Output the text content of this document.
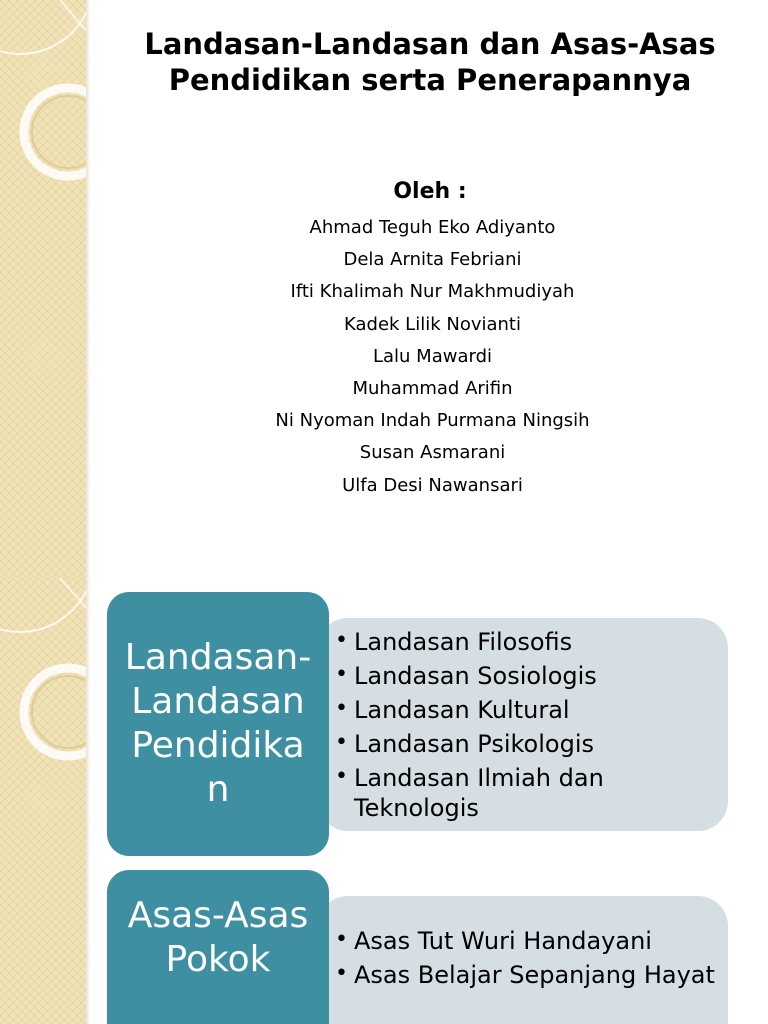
Landasan-Landasan dan Asas-Asas Pendidikan serta Penerapannya
Oleh :
Ahmad Teguh Eko Adiyanto
Dela Arnita Febriani
Ifti Khalimah Nur Makhmudiyah
Kadek Lilik Novianti
Lalu Mawardi
Muhammad Arifin
Ni Nyoman Indah Purmana Ningsih
Susan Asmarani
Ulfa Desi Nawansari
• Landasan Filosofis
• Landasan Sosiologis
• Landasan Kultural
• Landasan Psikologis
• Landasan Ilmiah dan Teknologis
Landasan-Landasan Pendidikan
• Asas Tut Wuri Handayani
• Asas Belajar Sepanjang Hayat
Asas-Asas Pokok
